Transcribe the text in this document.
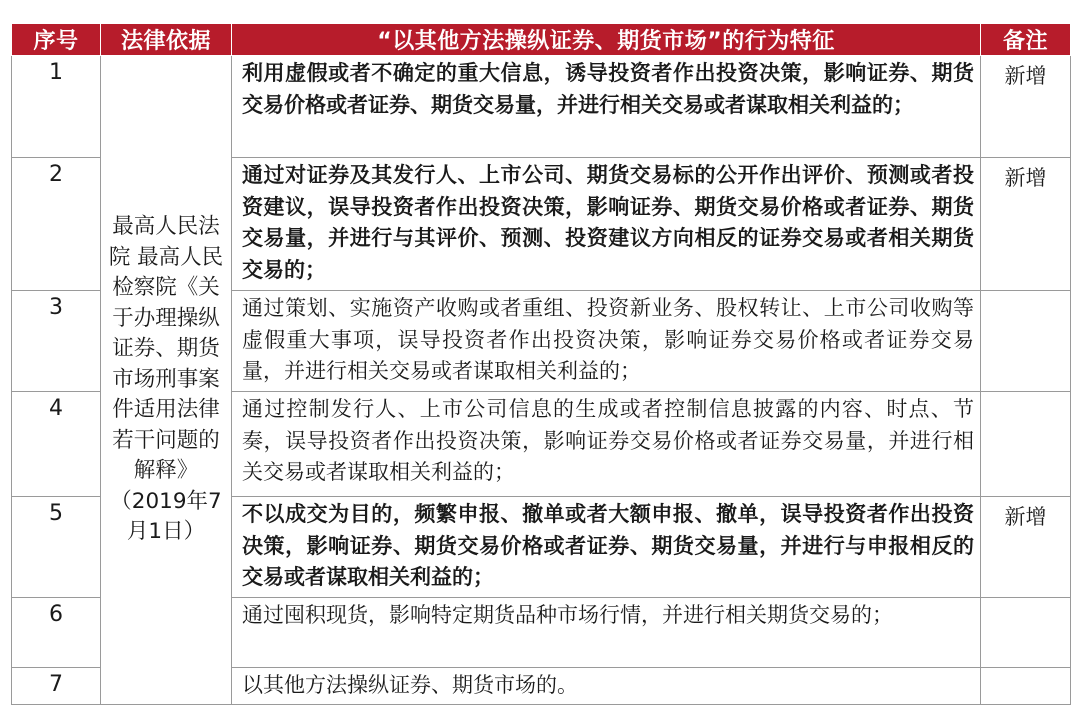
序号	法律依据	“以其他方法操纵证券、期货市场”的行为特征	备注
1	最高人民法院 最高人民检察院《关于办理操纵证券、期货市场刑事案件适用法律若干问题的解释》（2019年7月1日）	利用虚假或者不确定的重大信息，诱导投资者作出投资决策，影响证券、期货交易价格或者证券、期货交易量，并进行相关交易或者谋取相关利益的；	新增
2		通过对证券及其发行人、上市公司、期货交易标的公开作出评价、预测或者投资建议，误导投资者作出投资决策，影响证券、期货交易价格或者证券、期货交易量，并进行与其评价、预测、投资建议方向相反的证券交易或者相关期货交易的；	新增
3		通过策划、实施资产收购或者重组、投资新业务、股权转让、上市公司收购等虚假重大事项，误导投资者作出投资决策，影响证券交易价格或者证券交易量，并进行相关交易或者谋取相关利益的；	
4		通过控制发行人、上市公司信息的生成或者控制信息披露的内容、时点、节奏，误导投资者作出投资决策，影响证券交易价格或者证券交易量，并进行相关交易或者谋取相关利益的；	
5		不以成交为目的，频繁申报、撤单或者大额申报、撤单，误导投资者作出投资决策，影响证券、期货交易价格或者证券、期货交易量，并进行与申报相反的交易或者谋取相关利益的；	新增
6		通过囤积现货，影响特定期货品种市场行情，并进行相关期货交易的；	
7		以其他方法操纵证券、期货市场的。	
